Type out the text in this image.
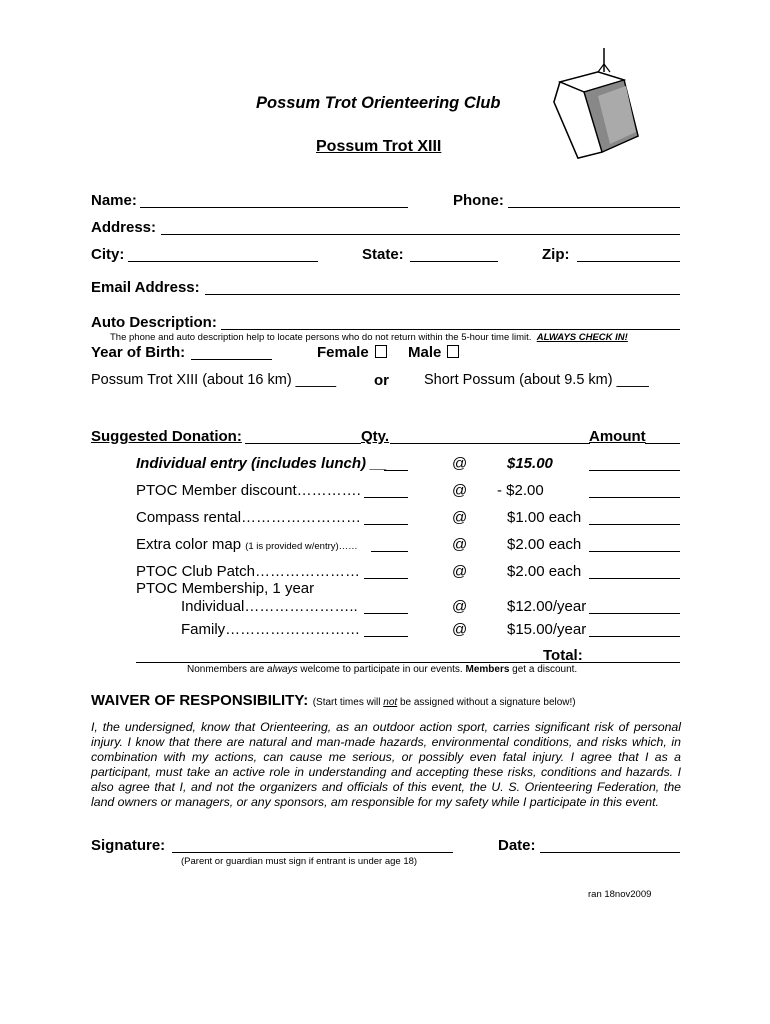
Possum Trot Orienteering Club
Possum Trot XIII
Name:	Phone:
Address:
City:	State:	Zip:
Email Address:
Auto Description:
The phone and auto description help to locate persons who do not return within the 5-hour time limit. ALWAYS CHECK IN!
Year of Birth:	Female	Male
Possum Trot XIII (about 16 km) _____	or Short Possum (about 9.5 km) ____
Suggested Donation:	Qty.	Amount
Individual entry (includes lunch) __	@	$15.00
PTOC Member discount………….	@ - $2.00
Compass rental……………………	@	$1.00 each
Extra color map (1 is provided w/entry)……	@	$2.00 each
PTOC Club Patch…………………	@	$2.00 each
PTOC Membership, 1 year
Individual…………………..	@	$12.00/year
Family………………………	@	$15.00/year
Total:
Nonmembers are always welcome to participate in our events. Members get a discount.
WAIVER OF RESPONSIBILITY: (Start times will not be assigned without a signature below!)
I, the undersigned, know that Orienteering, as an outdoor action sport, carries significant risk of personal injury. I know that there are natural and man-made hazards, environmental conditions, and risks which, in combination with my actions, can cause me serious, or possibly even fatal injury. I agree that I as a participant, must take an active role in understanding and accepting these risks, conditions and hazards. I also agree that I, and not the organizers and officials of this event, the U. S. Orienteering Federation, the land owners or managers, or any sponsors, am responsible for my safety while I participate in this event.
Signature:	Date:
(Parent or guardian must sign if entrant is under age 18)
ran 18nov2009
